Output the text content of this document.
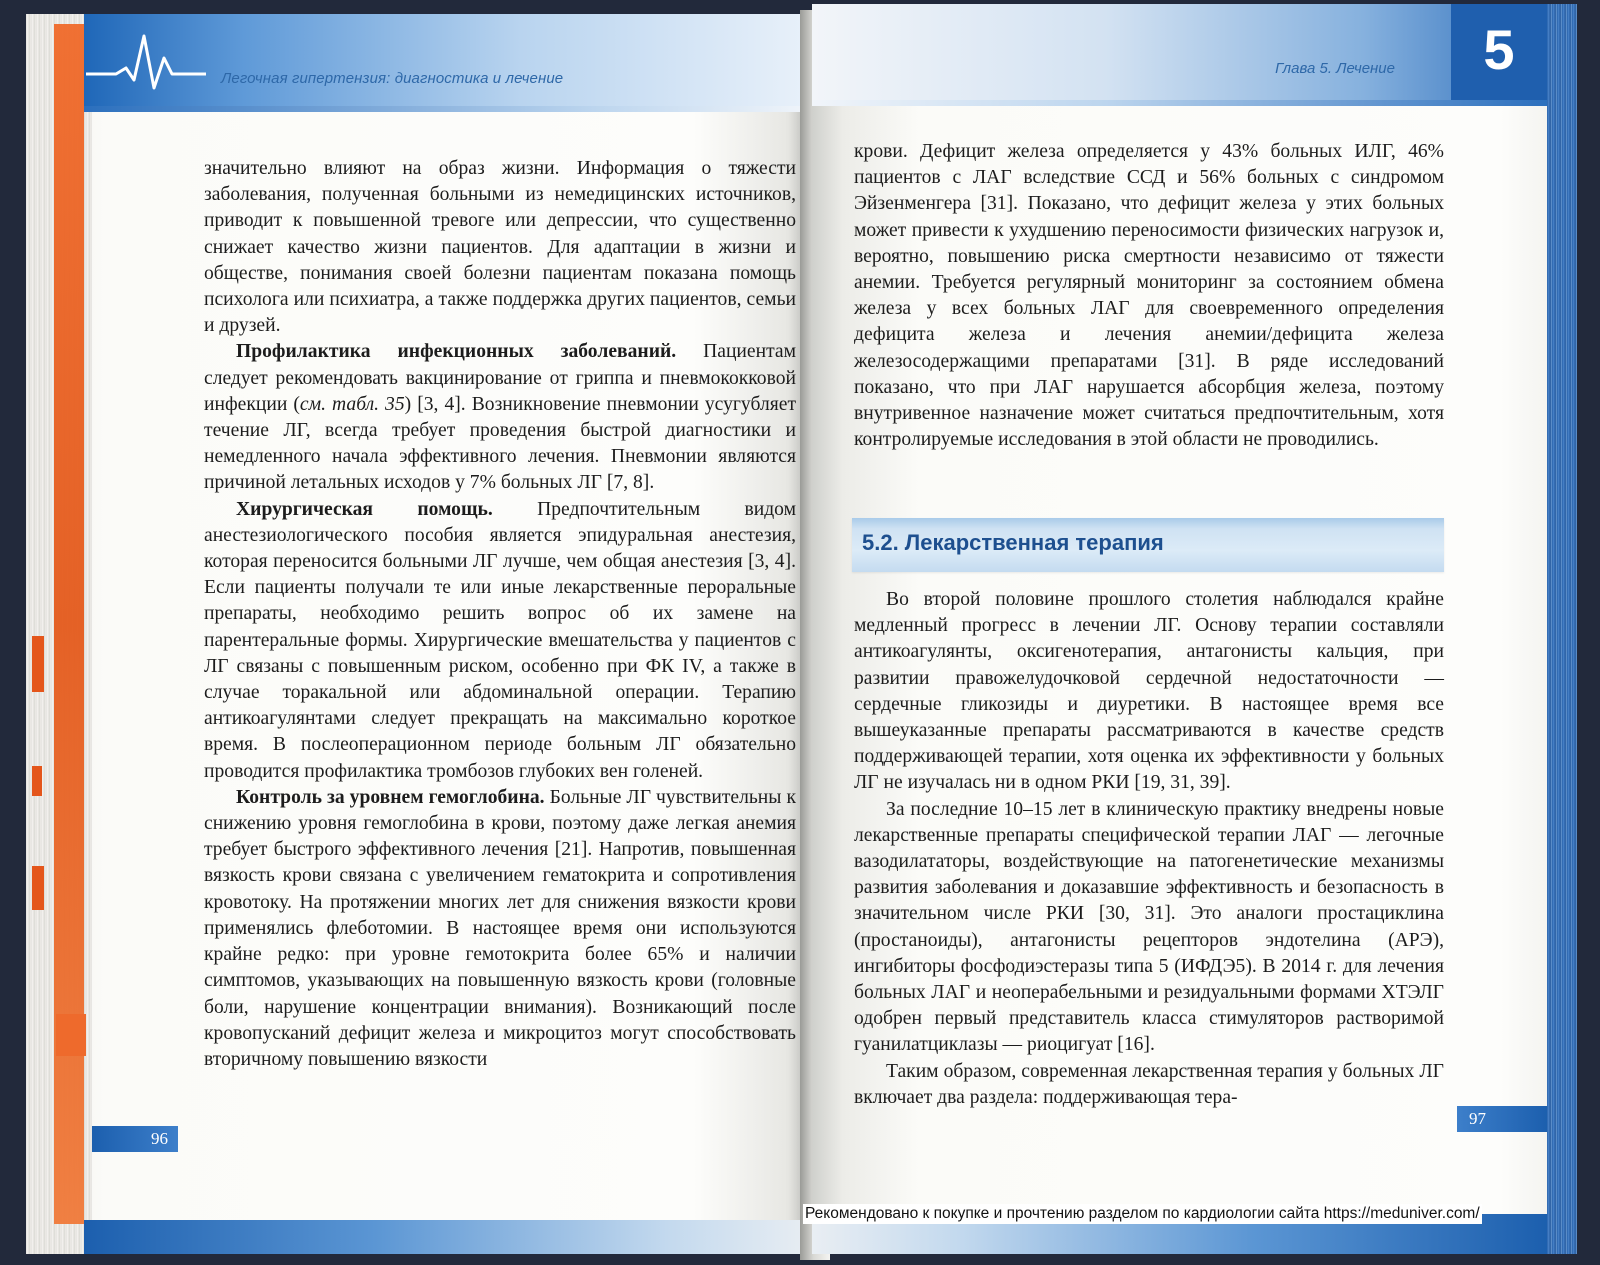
Легочная гипертензия: диагностика и лечение

значительно влияют на образ жизни. Информация о тяжести заболевания, полученная больными из немедицинских источников, приводит к повышенной тревоге или депрессии, что существенно снижает качество жизни пациентов. Для адаптации в жизни и обществе, понимания своей болезни пациентам показана помощь психолога или психиатра, а также поддержка других пациентов, семьи и друзей.

Профилактика инфекционных заболеваний. Пациентам следует рекомендовать вакцинирование от гриппа и пневмококковой инфекции (см. табл. 35) [3, 4]. Возникновение пневмонии усугубляет течение ЛГ, всегда требует проведения быстрой диагностики и немедленного начала эффективного лечения. Пневмонии являются причиной летальных исходов у 7% больных ЛГ [7, 8].

Хирургическая помощь. Предпочтительным видом анестезиологического пособия является эпидуральная анестезия, которая переносится больными ЛГ лучше, чем общая анестезия [3, 4]. Если пациенты получали те или иные лекарственные пероральные препараты, необходимо решить вопрос об их замене на парентеральные формы. Хирургические вмешательства у пациентов с ЛГ связаны с повышенным риском, особенно при ФК IV, а также в случае торакальной или абдоминальной операции. Терапию антикоагулянтами следует прекращать на максимально короткое время. В послеоперационном периоде больным ЛГ обязательно проводится профилактика тромбозов глубоких вен голеней.

Контроль за уровнем гемоглобина. Больные ЛГ чувствительны к снижению уровня гемоглобина в крови, поэтому даже легкая анемия требует быстрого эффективного лечения [21]. Напротив, повышенная вязкость крови связана с увеличением гематокрита и сопротивления кровотоку. На протяжении многих лет для снижения вязкости крови применялись флеботомии. В настоящее время они используются крайне редко: при уровне гемотокрита более 65% и наличии симптомов, указывающих на повышенную вязкость крови (головные боли, нарушение концентрации внимания). Возникающий после кровопусканий дефицит железа и микроцитоз могут способствовать вторичному повышению вязкости

96
Глава 5. Лечение	5

крови. Дефицит железа определяется у 43% больных ИЛГ, 46% пациентов с ЛАГ вследствие ССД и 56% больных с синдромом Эйзенменгера [31]. Показано, что дефицит железа у этих больных может привести к ухудшению переносимости физических нагрузок и, вероятно, повышению риска смертности независимо от тяжести анемии. Требуется регулярный мониторинг за состоянием обмена железа у всех больных ЛАГ для своевременного определения дефицита железа и лечения анемии/дефицита железа железосодержащими препаратами [31]. В ряде исследований показано, что при ЛАГ нарушается абсорбция железа, поэтому внутривенное назначение может считаться предпочтительным, хотя контролируемые исследования в этой области не проводились.

5.2. Лекарственная терапия

Во второй половине прошлого столетия наблюдался крайне медленный прогресс в лечении ЛГ. Основу терапии составляли антикоагулянты, оксигенотерапия, антагонисты кальция, при развитии правожелудочковой сердечной недостаточности — сердечные гликозиды и диуретики. В настоящее время все вышеуказанные препараты рассматриваются в качестве средств поддерживающей терапии, хотя оценка их эффективности у больных ЛГ не изучалась ни в одном РКИ [19, 31, 39].

За последние 10–15 лет в клиническую практику внедрены новые лекарственные препараты специфической терапии ЛАГ — легочные вазодилататоры, воздействующие на патогенетические механизмы развития заболевания и доказавшие эффективность и безопасность в значительном числе РКИ [30, 31]. Это аналоги простациклина (простаноиды), антагонисты рецепторов эндотелина (АРЭ), ингибиторы фосфодиэстеразы типа 5 (ИФДЭ5). В 2014 г. для лечения больных ЛАГ и неоперабельными и резидуальными формами ХТЭЛГ одобрен первый представитель класса стимуляторов растворимой гуанилатциклазы — риоцигуат [16].

Таким образом, современная лекарственная терапия у больных ЛГ включает два раздела: поддерживающая тера-

97
Рекомендовано к покупке и прочтению разделом по кардиологии сайта https://meduniver.com/
